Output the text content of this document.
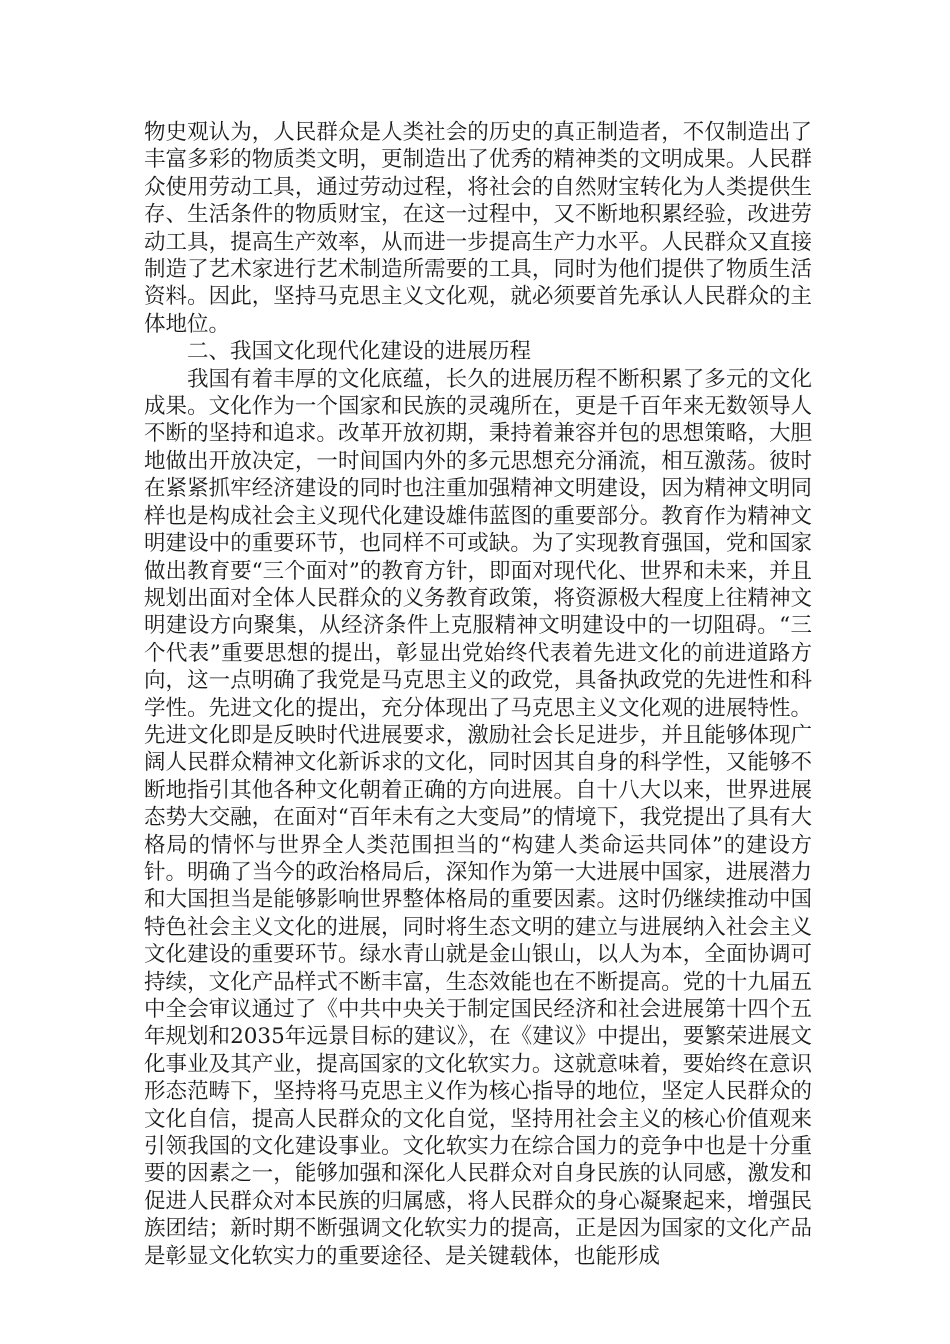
物史观认为，人民群众是人类社会的历史的真正制造者，不仅制造出了丰富多彩的物质类文明，更制造出了优秀的精神类的文明成果。人民群众使用劳动工具，通过劳动过程，将社会的自然财宝转化为人类提供生存、生活条件的物质财宝，在这一过程中，又不断地积累经验，改进劳动工具，提高生产效率，从而进一步提高生产力水平。人民群众又直接制造了艺术家进行艺术制造所需要的工具，同时为他们提供了物质生活资料。因此，坚持马克思主义文化观，就必须要首先承认人民群众的主体地位。

二、我国文化现代化建设的进展历程

我国有着丰厚的文化底蕴，长久的进展历程不断积累了多元的文化成果。文化作为一个国家和民族的灵魂所在，更是千百年来无数领导人不断的坚持和追求。改革开放初期，秉持着兼容并包的思想策略，大胆地做出开放决定，一时间国内外的多元思想充分涌流，相互激荡。彼时在紧紧抓牢经济建设的同时也注重加强精神文明建设，因为精神文明同样也是构成社会主义现代化建设雄伟蓝图的重要部分。教育作为精神文明建设中的重要环节，也同样不可或缺。为了实现教育强国，党和国家做出教育要“三个面对”的教育方针，即面对现代化、世界和未来，并且规划出面对全体人民群众的义务教育政策，将资源极大程度上往精神文明建设方向聚集，从经济条件上克服精神文明建设中的一切阻碍。“三个代表”重要思想的提出，彰显出党始终代表着先进文化的前进道路方向，这一点明确了我党是马克思主义的政党，具备执政党的先进性和科学性。先进文化的提出，充分体现出了马克思主义文化观的进展特性。先进文化即是反映时代进展要求，激励社会长足进步，并且能够体现广阔人民群众精神文化新诉求的文化，同时因其自身的科学性，又能够不断地指引其他各种文化朝着正确的方向进展。自十八大以来，世界进展态势大交融，在面对“百年未有之大变局”的情境下，我党提出了具有大格局的情怀与世界全人类范围担当的“构建人类命运共同体”的建设方针。明确了当今的政治格局后，深知作为第一大进展中国家，进展潜力和大国担当是能够影响世界整体格局的重要因素。这时仍继续推动中国特色社会主义文化的进展，同时将生态文明的建立与进展纳入社会主义文化建设的重要环节。绿水青山就是金山银山，以人为本，全面协调可持续，文化产品样式不断丰富，生态效能也在不断提高。党的十九届五中全会审议通过了《中共中央关于制定国民经济和社会进展第十四个五年规划和2035年远景目标的建议》，在《建议》中提出，要繁荣进展文化事业及其产业，提高国家的文化软实力。这就意味着，要始终在意识形态范畴下，坚持将马克思主义作为核心指导的地位，坚定人民群众的文化自信，提高人民群众的文化自觉，坚持用社会主义的核心价值观来引领我国的文化建设事业。文化软实力在综合国力的竞争中也是十分重要的因素之一，能够加强和深化人民群众对自身民族的认同感，激发和促进人民群众对本民族的归属感，将人民群众的身心凝聚起来，增强民族团结；新时期不断强调文化软实力的提高，正是因为国家的文化产品是彰显文化软实力的重要途径、是关键载体，也能形成
